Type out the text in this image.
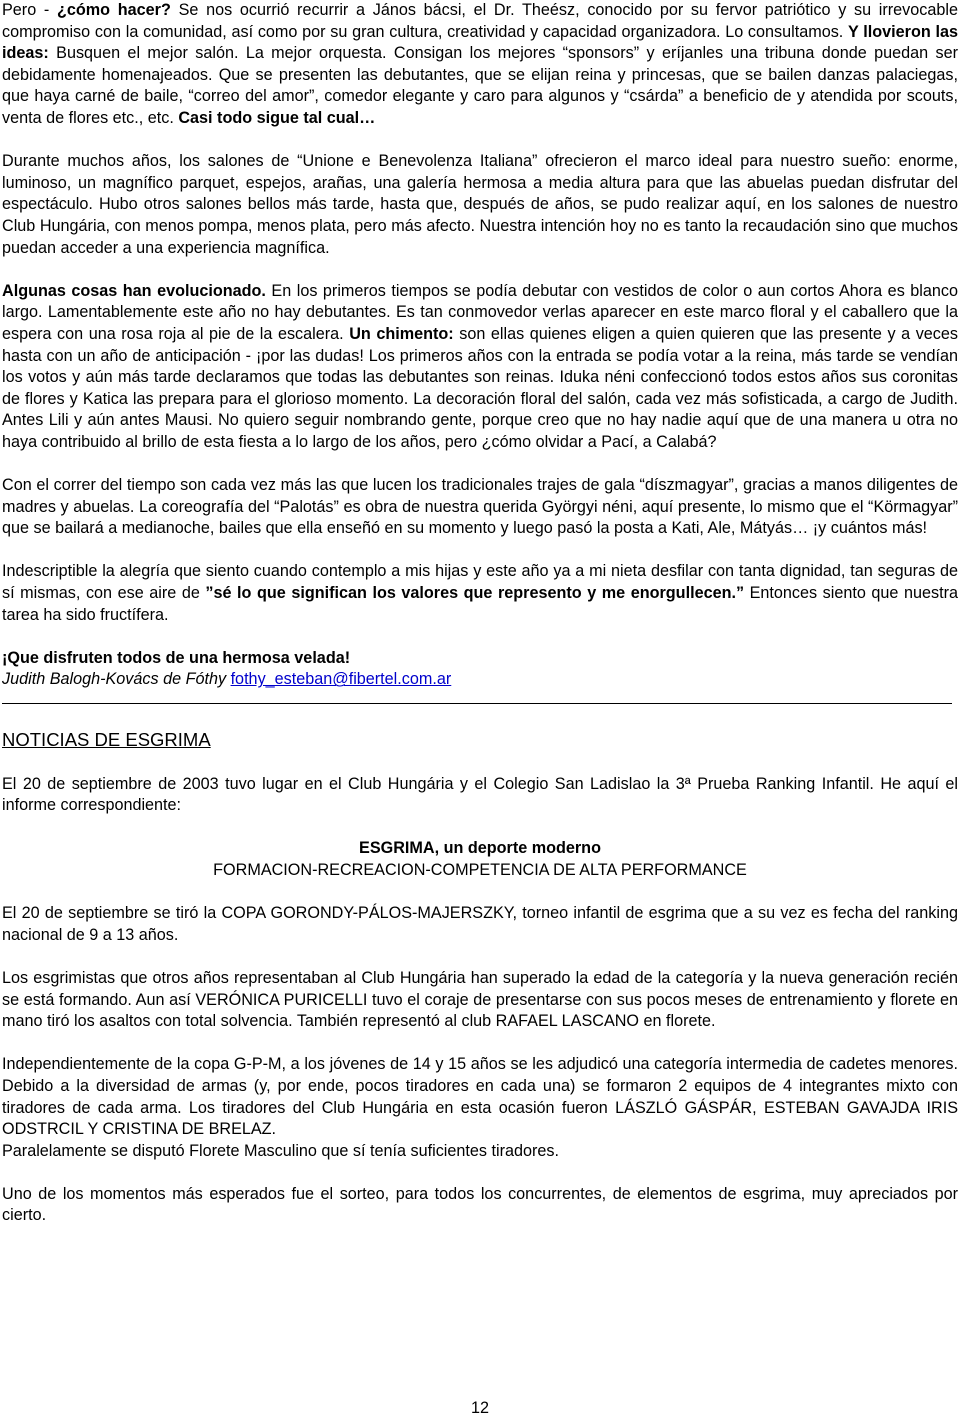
Pero - ¿cómo hacer? Se nos ocurrió recurrir a János bácsi, el Dr. Theész, conocido por su fervor patriótico y su irrevocable compromiso con la comunidad, así como por su gran cultura, creatividad y capacidad organizadora. Lo consultamos. Y llovieron las ideas: Busquen el mejor salón. La mejor orquesta. Consigan los mejores “sponsors” y eríjanles una tribuna donde puedan ser debidamente homenajeados. Que se presenten las debutantes, que se elijan reina y princesas, que se bailen danzas palaciegas, que haya carné de baile, “correo del amor”, comedor elegante y caro para algunos y “csárda” a beneficio de y atendida por scouts, venta de flores etc., etc. Casi todo sigue tal cual…

Durante muchos años, los salones de “Unione e Benevolenza Italiana” ofrecieron el marco ideal para nuestro sueño: enorme, luminoso, un magnífico parquet, espejos, arañas, una galería hermosa a media altura para que las abuelas puedan disfrutar del espectáculo. Hubo otros salones bellos más tarde, hasta que, después de años, se pudo realizar aquí, en los salones de nuestro Club Hungária, con menos pompa, menos plata, pero más afecto. Nuestra intención hoy no es tanto la recaudación sino que muchos puedan acceder a una experiencia magnífica.

Algunas cosas han evolucionado. En los primeros tiempos se podía debutar con vestidos de color o aun cortos Ahora es blanco largo. Lamentablemente este año no hay debutantes. Es tan conmovedor verlas aparecer en este marco floral y el caballero que la espera con una rosa roja al pie de la escalera. Un chimento: son ellas quienes eligen a quien quieren que las presente y a veces hasta con un año de anticipación - ¡por las dudas! Los primeros años con la entrada se podía votar a la reina, más tarde se vendían los votos y aún más tarde declaramos que todas las debutantes son reinas. Iduka néni confeccionó todos estos años sus coronitas de flores y Katica las prepara para el glorioso momento. La decoración floral del salón, cada vez más sofisticada, a cargo de Judith. Antes Lili y aún antes Mausi. No quiero seguir nombrando gente, porque creo que no hay nadie aquí que de una manera u otra no haya contribuido al brillo de esta fiesta a lo largo de los años, pero ¿cómo olvidar a Pací, a Calabá?

Con el correr del tiempo son cada vez más las que lucen los tradicionales trajes de gala “díszmagyar”, gracias a manos diligentes de madres y abuelas. La coreografía del “Palotás” es obra de nuestra querida Györgyi néni, aquí presente, lo mismo que el “Körmagyar” que se bailará a medianoche, bailes que ella enseñó en su momento y luego pasó la posta a Kati, Ale, Mátyás… ¡y cuántos más!

Indescriptible la alegría que siento cuando contemplo a mis hijas y este año ya a mi nieta desfilar con tanta dignidad, tan seguras de sí mismas, con ese aire de ”sé lo que significan los valores que represento y me enorgullecen.” Entonces siento que nuestra tarea ha sido fructífera.

¡Que disfruten todos de una hermosa velada!

Judith Balogh-Kovács de Fóthy fothy_esteban@fibertel.com.ar

NOTICIAS DE ESGRIMA

El 20 de septiembre de 2003 tuvo lugar en el Club Hungária y el Colegio San Ladislao la 3ª Prueba Ranking Infantil. He aquí el informe correspondiente:

ESGRIMA, un deporte moderno

FORMACION-RECREACION-COMPETENCIA DE ALTA PERFORMANCE

El 20 de septiembre se tiró la COPA GORONDY-PÁLOS-MAJERSZKY, torneo infantil de esgrima que a su vez es fecha del ranking nacional de 9 a 13 años.

Los esgrimistas que otros años representaban al Club Hungária han superado la edad de la categoría y la nueva generación recién se está formando. Aun así VERÓNICA PURICELLI tuvo el coraje de presentarse con sus pocos meses de entrenamiento y florete en mano tiró los asaltos con total solvencia. También representó al club RAFAEL LASCANO en florete.

Independientemente de la copa G-P-M, a los jóvenes de 14 y 15 años se les adjudicó una categoría intermedia de cadetes menores. Debido a la diversidad de armas (y, por ende, pocos tiradores en cada una) se formaron 2 equipos de 4 integrantes mixto con tiradores de cada arma. Los tiradores del Club Hungária en esta ocasión fueron LÁSZLÓ GÁSPÁR, ESTEBAN GAVAJDA IRIS ODSTRCIL Y CRISTINA DE BRELAZ.

Paralelamente se disputó Florete Masculino que sí tenía suficientes tiradores.

Uno de los momentos más esperados fue el sorteo, para todos los concurrentes, de elementos de esgrima, muy apreciados por cierto.

12
